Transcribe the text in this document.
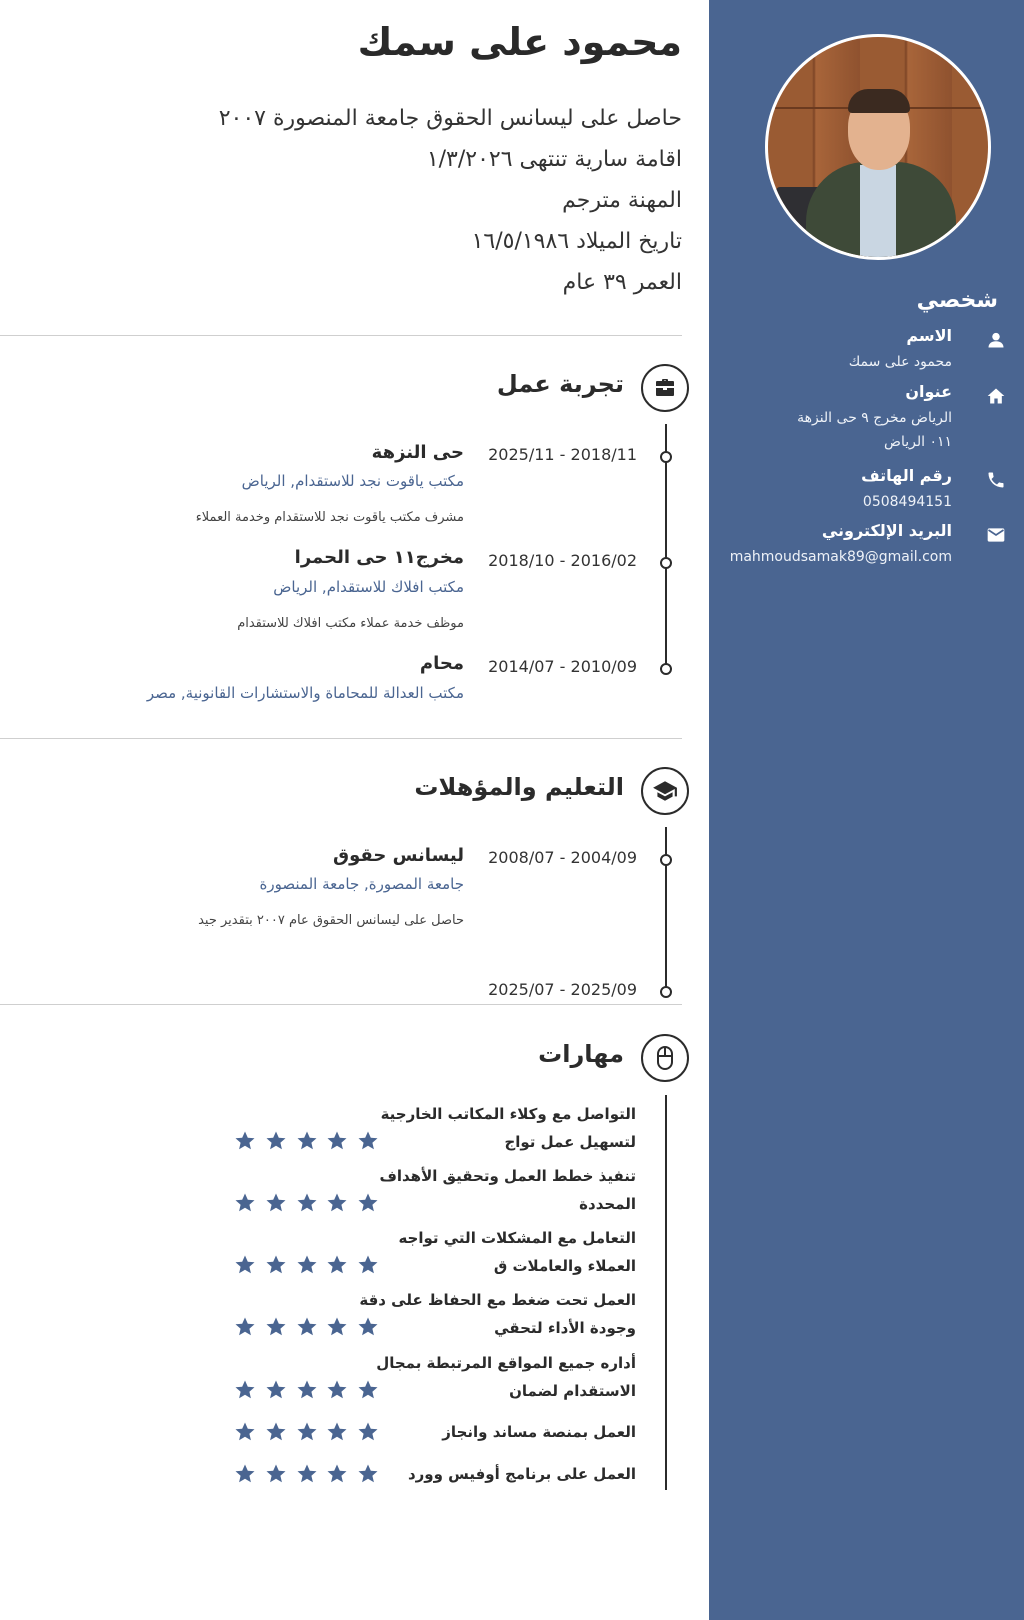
شخصي
الاسم
محمود على سمك
عنوان
الرياض مخرج ٩ حى النزهة
٠١١ الرياض
رقم الهاتف
0508494151
البريد الإلكتروني
mahmoudsamak89@gmail.com
محمود على سمك
حاصل على ليسانس الحقوق جامعة المنصورة ٢٠٠٧
اقامة سارية تنتهى ١/٣/٢٠٢٦
المهنة مترجم
تاريخ الميلاد ١٦/٥/١٩٨٦
العمر ٣٩ عام
تجربة عمل
2018/11 - 2025/11
حى النزهة
مكتب ياقوت نجد للاستقدام, الرياض
مشرف مكتب ياقوت نجد للاستقدام وخدمة العملاء
2016/02 - 2018/10
مخرج١١ حى الحمرا
مكتب افلاك للاستقدام, الرياض
موظف خدمة عملاء مكتب افلاك للاستقدام
2010/09 - 2014/07
محام
مكتب العدالة للمحاماة والاستشارات القانونية, مصر
التعليم والمؤهلات
2004/09 - 2008/07
ليسانس حقوق
جامعة المصورة, جامعة المنصورة
حاصل على ليسانس الحقوق عام ٢٠٠٧ بتقدير جيد
2025/09 - 2025/07
مهارات
التواصل مع وكلاء المكاتب الخارجية لتسهيل عمل تواج
تنفيذ خطط العمل وتحقيق الأهداف المحددة
التعامل مع المشكلات التي تواجه العملاء والعاملات ق
العمل تحت ضغط مع الحفاظ على دقة وجودة الأداء لتحقي
أداره جميع المواقع المرتبطة بمجال الاستقدام لضمان
العمل بمنصة مساند وانجاز
العمل على برنامج أوفيس وورد
